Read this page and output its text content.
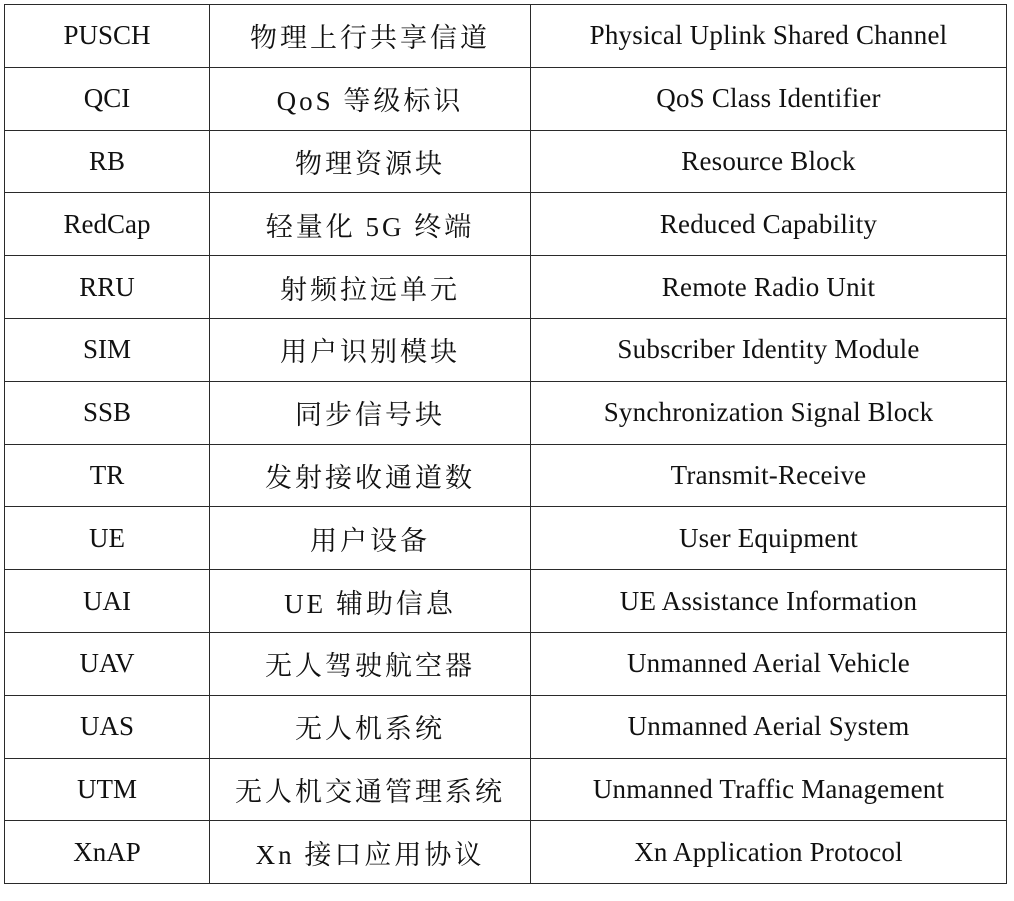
PUSCH	物理上行共享信道	Physical Uplink Shared Channel
QCI	QoS 等级标识	QoS Class Identifier
RB	物理资源块	Resource Block
RedCap	轻量化 5G 终端	Reduced Capability
RRU	射频拉远单元	Remote Radio Unit
SIM	用户识别模块	Subscriber Identity Module
SSB	同步信号块	Synchronization Signal Block
TR	发射接收通道数	Transmit-Receive
UE	用户设备	User Equipment
UAI	UE 辅助信息	UE Assistance Information
UAV	无人驾驶航空器	Unmanned Aerial Vehicle
UAS	无人机系统	Unmanned Aerial System
UTM	无人机交通管理系统	Unmanned Traffic Management
XnAP	Xn 接口应用协议	Xn Application Protocol
